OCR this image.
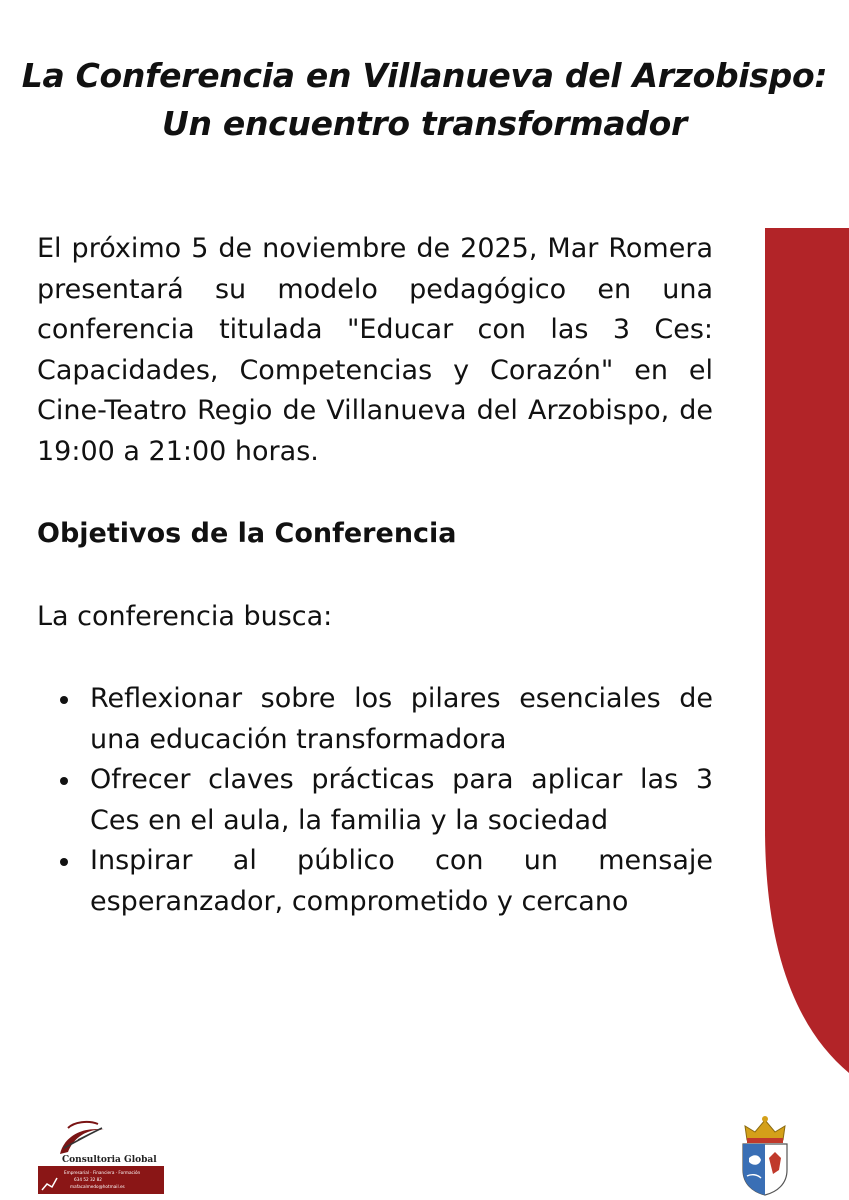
La Conferencia en Villanueva del Arzobispo: Un encuentro transformador

El próximo 5 de noviembre de 2025, Mar Romera presentará su modelo pedagógico en una conferencia titulada "Educar con las 3 Ces: Capacidades, Competencias y Corazón" en el Cine-Teatro Regio de Villanueva del Arzobispo, de 19:00 a 21:00 horas.

Objetivos de la Conferencia

La conferencia busca:

Reflexionar sobre los pilares esenciales de una educación transformadora
Ofrecer claves prácticas para aplicar las 3 Ces en el aula, la familia y la sociedad
Inspirar al público con un mensaje esperanzador, comprometido y cercano
Consultoria Global
Empresarial · Financiera · Formación
634 52 32 82
mafacalmedo@hotmail.es
